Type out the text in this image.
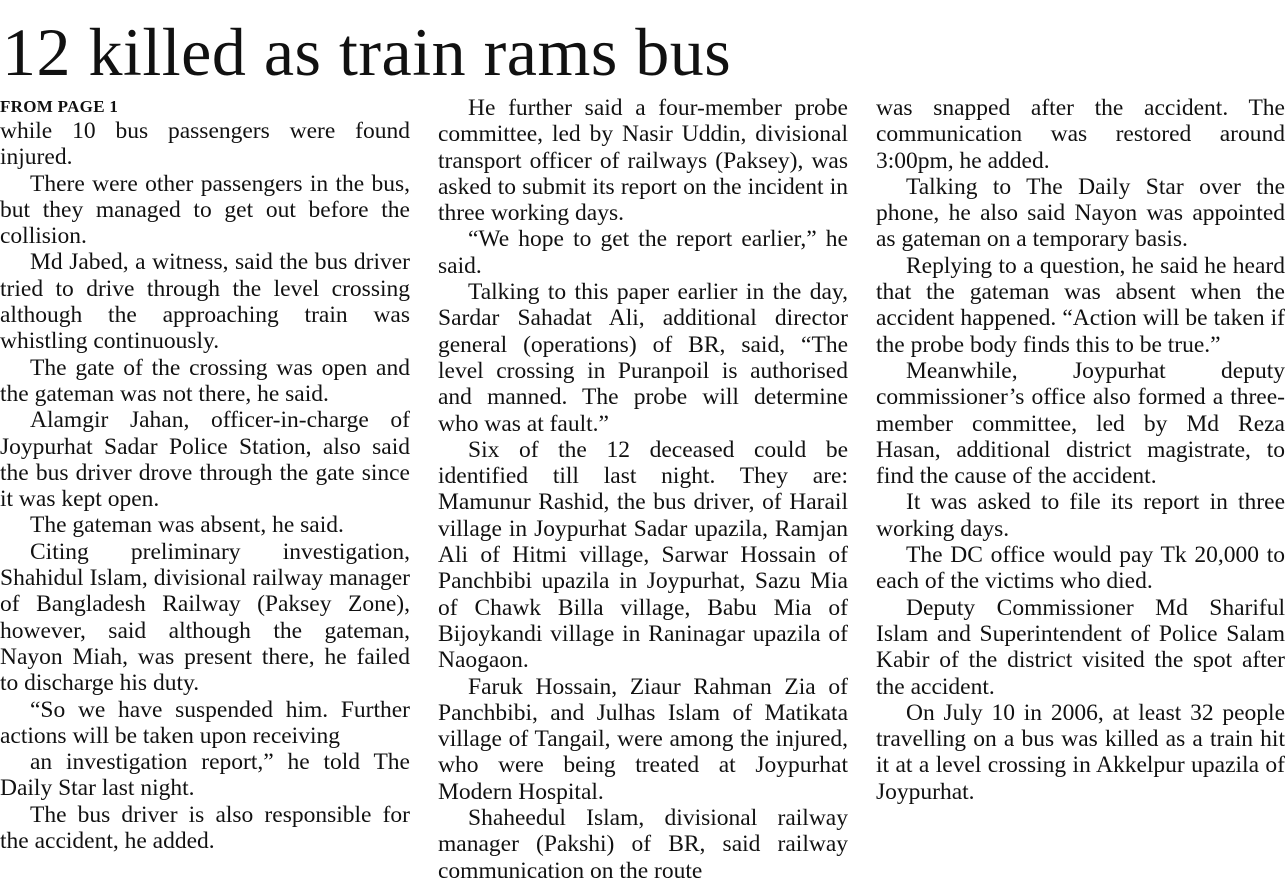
12 killed as train rams bus
FROM PAGE 1

while 10 bus passengers were found injured.

There were other passengers in the bus, but they managed to get out before the collision.

Md Jabed, a witness, said the bus driver tried to drive through the level crossing although the approaching train was whistling continuously.

The gate of the crossing was open and the gateman was not there, he said.

Alamgir Jahan, officer-in-charge of Joypurhat Sadar Police Station, also said the bus driver drove through the gate since it was kept open.

The gateman was absent, he said.

Citing preliminary investigation, Shahidul Islam, divisional railway manager of Bangladesh Railway (Paksey Zone), however, said although the gateman, Nayon Miah, was present there, he failed to discharge his duty.

“So we have suspended him. Further actions will be taken upon receiving

an investigation report,” he told The Daily Star last night.

The bus driver is also responsible for the accident, he added.

He further said a four-member probe committee, led by Nasir Uddin, divisional transport officer of railways (Paksey), was asked to submit its report on the incident in three working days.

“We hope to get the report earlier,” he said.

Talking to this paper earlier in the day, Sardar Sahadat Ali, additional director general (operations) of BR, said, “The level crossing in Puranpoil is authorised and manned. The probe will determine who was at fault.”

Six of the 12 deceased could be identified till last night. They are: Mamunur Rashid, the bus driver, of Harail village in Joypurhat Sadar upazila, Ramjan Ali of Hitmi village, Sarwar Hossain of Panchbibi upazila in Joypurhat, Sazu Mia of Chawk Billa village, Babu Mia of Bijoykandi village in Raninagar upazila of Naogaon.

Faruk Hossain, Ziaur Rahman Zia of Panchbibi, and Julhas Islam of Matikata village of Tangail, were among the injured, who were being treated at Joypurhat Modern Hospital.

Shaheedul Islam, divisional railway manager (Pakshi) of BR, said railway communication on the route

was snapped after the accident. The communication was restored around 3:00pm, he added.

Talking to The Daily Star over the phone, he also said Nayon was appointed as gateman on a temporary basis.

Replying to a question, he said he heard that the gateman was absent when the accident happened. “Action will be taken if the probe body finds this to be true.”

Meanwhile, Joypurhat deputy commissioner’s office also formed a three-member committee, led by Md Reza Hasan, additional district magistrate, to find the cause of the accident.

It was asked to file its report in three working days.

The DC office would pay Tk 20,000 to each of the victims who died.

Deputy Commissioner Md Shariful Islam and Superintendent of Police Salam Kabir of the district visited the spot after the accident.

On July 10 in 2006, at least 32 people travelling on a bus was killed as a train hit it at a level crossing in Akkelpur upazila of Joypurhat.
